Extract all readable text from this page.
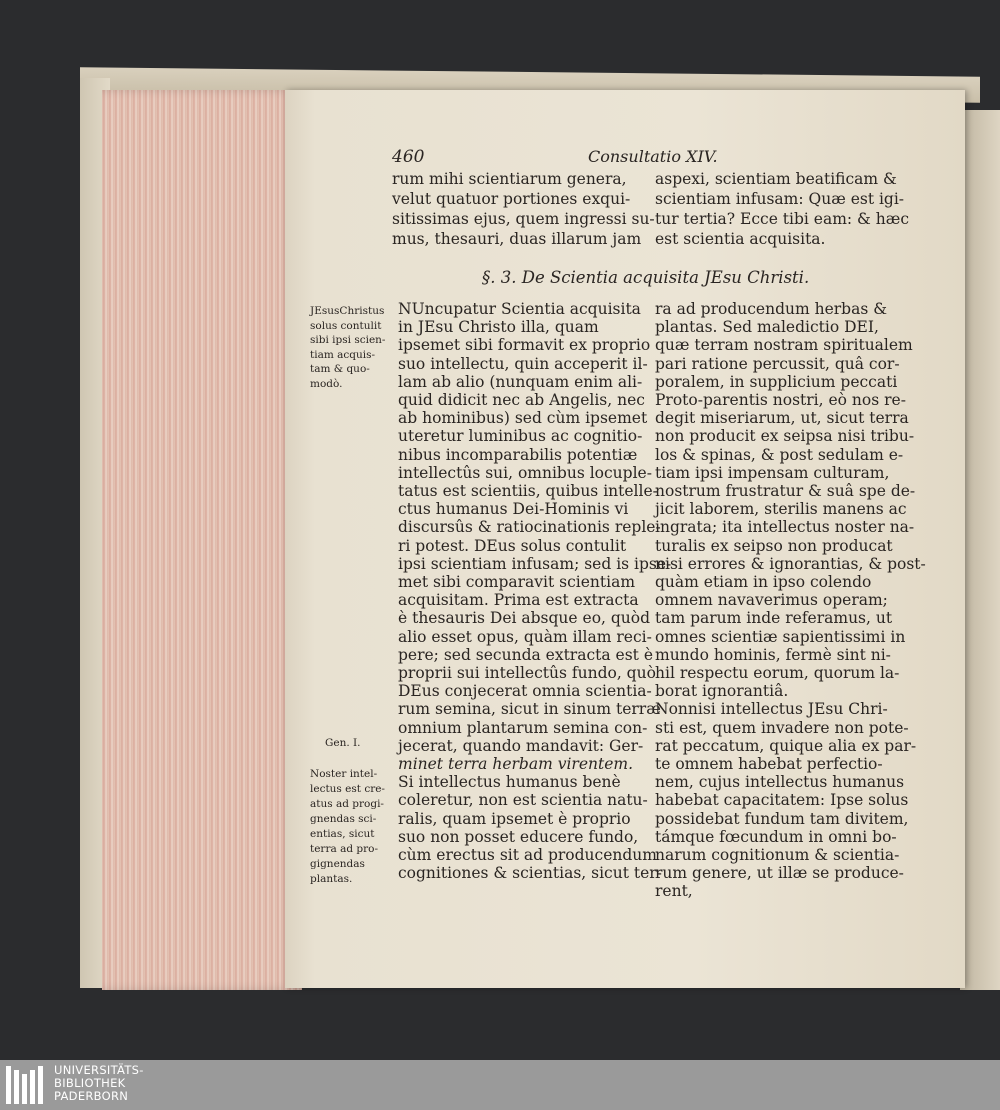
460	Consultatio XIV.
rum mihi scientiarum genera,
velut quatuor portiones exqui-
sitissimas ejus, quem ingressi su-
mus, thesauri, duas illarum jam
aspexi, scientiam beatificam &
scientiam infusam: Quæ est igi-
tur tertia? Ecce tibi eam: & hæc
est scientia acquisita.
§. 3. De Scientia acquisita JEsu Christi.
JEsusChristus
solus contulit
sibi ipsi scien-
tiam acquis-
tam & quo-
modò.
Gen. I.
Noster intel-
lectus est cre-
atus ad progi-
gnendas sci-
entias, sicut
terra ad pro-
gignendas
plantas.
NUncupatur Scientia acquisita
in JEsu Christo illa, quam
ipsemet sibi formavit ex proprio
suo intellectu, quin acceperit il-
lam ab alio (nunquam enim ali-
quid didicit nec ab Angelis, nec
ab hominibus) sed cùm ipsemet
uteretur luminibus ac cognitio-
nibus incomparabilis potentiæ
intellectûs sui, omnibus locuple-
tatus est scientiis, quibus intelle-
ctus humanus Dei-Hominis vi
discursûs & ratiocinationis reple-
ri potest. DEus solus contulit
ipsi scientiam infusam; sed is ipse-
met sibi comparavit scientiam
acquisitam. Prima est extracta
è thesauris Dei absque eo, quòd
alio esset opus, quàm illam reci-
pere; sed secunda extracta est è
proprii sui intellectûs fundo, quò
DEus conjecerat omnia scientia-
rum semina, sicut in sinum terræ
omnium plantarum semina con-
jecerat, quando mandavit: Ger-
minet terra herbam virentem.
Si intellectus humanus benè
coleretur, non est scientia natu-
ralis, quam ipsemet è proprio
suo non posset educere fundo,
cùm erectus sit ad producendum
cognitiones & scientias, sicut ter-
ra ad producendum herbas &
plantas. Sed maledictio DEI,
quæ terram nostram spiritualem
pari ratione percussit, quâ cor-
poralem, in supplicium peccati
Proto-parentis nostri, eò nos re-
degit miseriarum, ut, sicut terra
non producit ex seipsa nisi tribu-
los & spinas, & post sedulam e-
tiam ipsi impensam culturam,
nostrum frustratur & suâ spe de-
jicit laborem, sterilis manens ac
ingrata; ita intellectus noster na-
turalis ex seipso non producat
nisi errores & ignorantias, & post-
quàm etiam in ipso colendo
omnem navaverimus operam;
tam parum inde referamus, ut
omnes scientiæ sapientissimi in
mundo hominis, fermè sint ni-
hil respectu eorum, quorum la-
borat ignorantiâ.
Nonnisi intellectus JEsu Chri-
sti est, quem invadere non pote-
rat peccatum, quique alia ex par-
te omnem habebat perfectio-
nem, cujus intellectus humanus
habebat capacitatem: Ipse solus
possidebat fundum tam divitem,
támque fœcundum in omni bo-
narum cognitionum & scientia-
rum genere, ut illæ se produce-
rent,
UNIVERSITÄTS-
BIBLIOTHEK
PADERBORN
